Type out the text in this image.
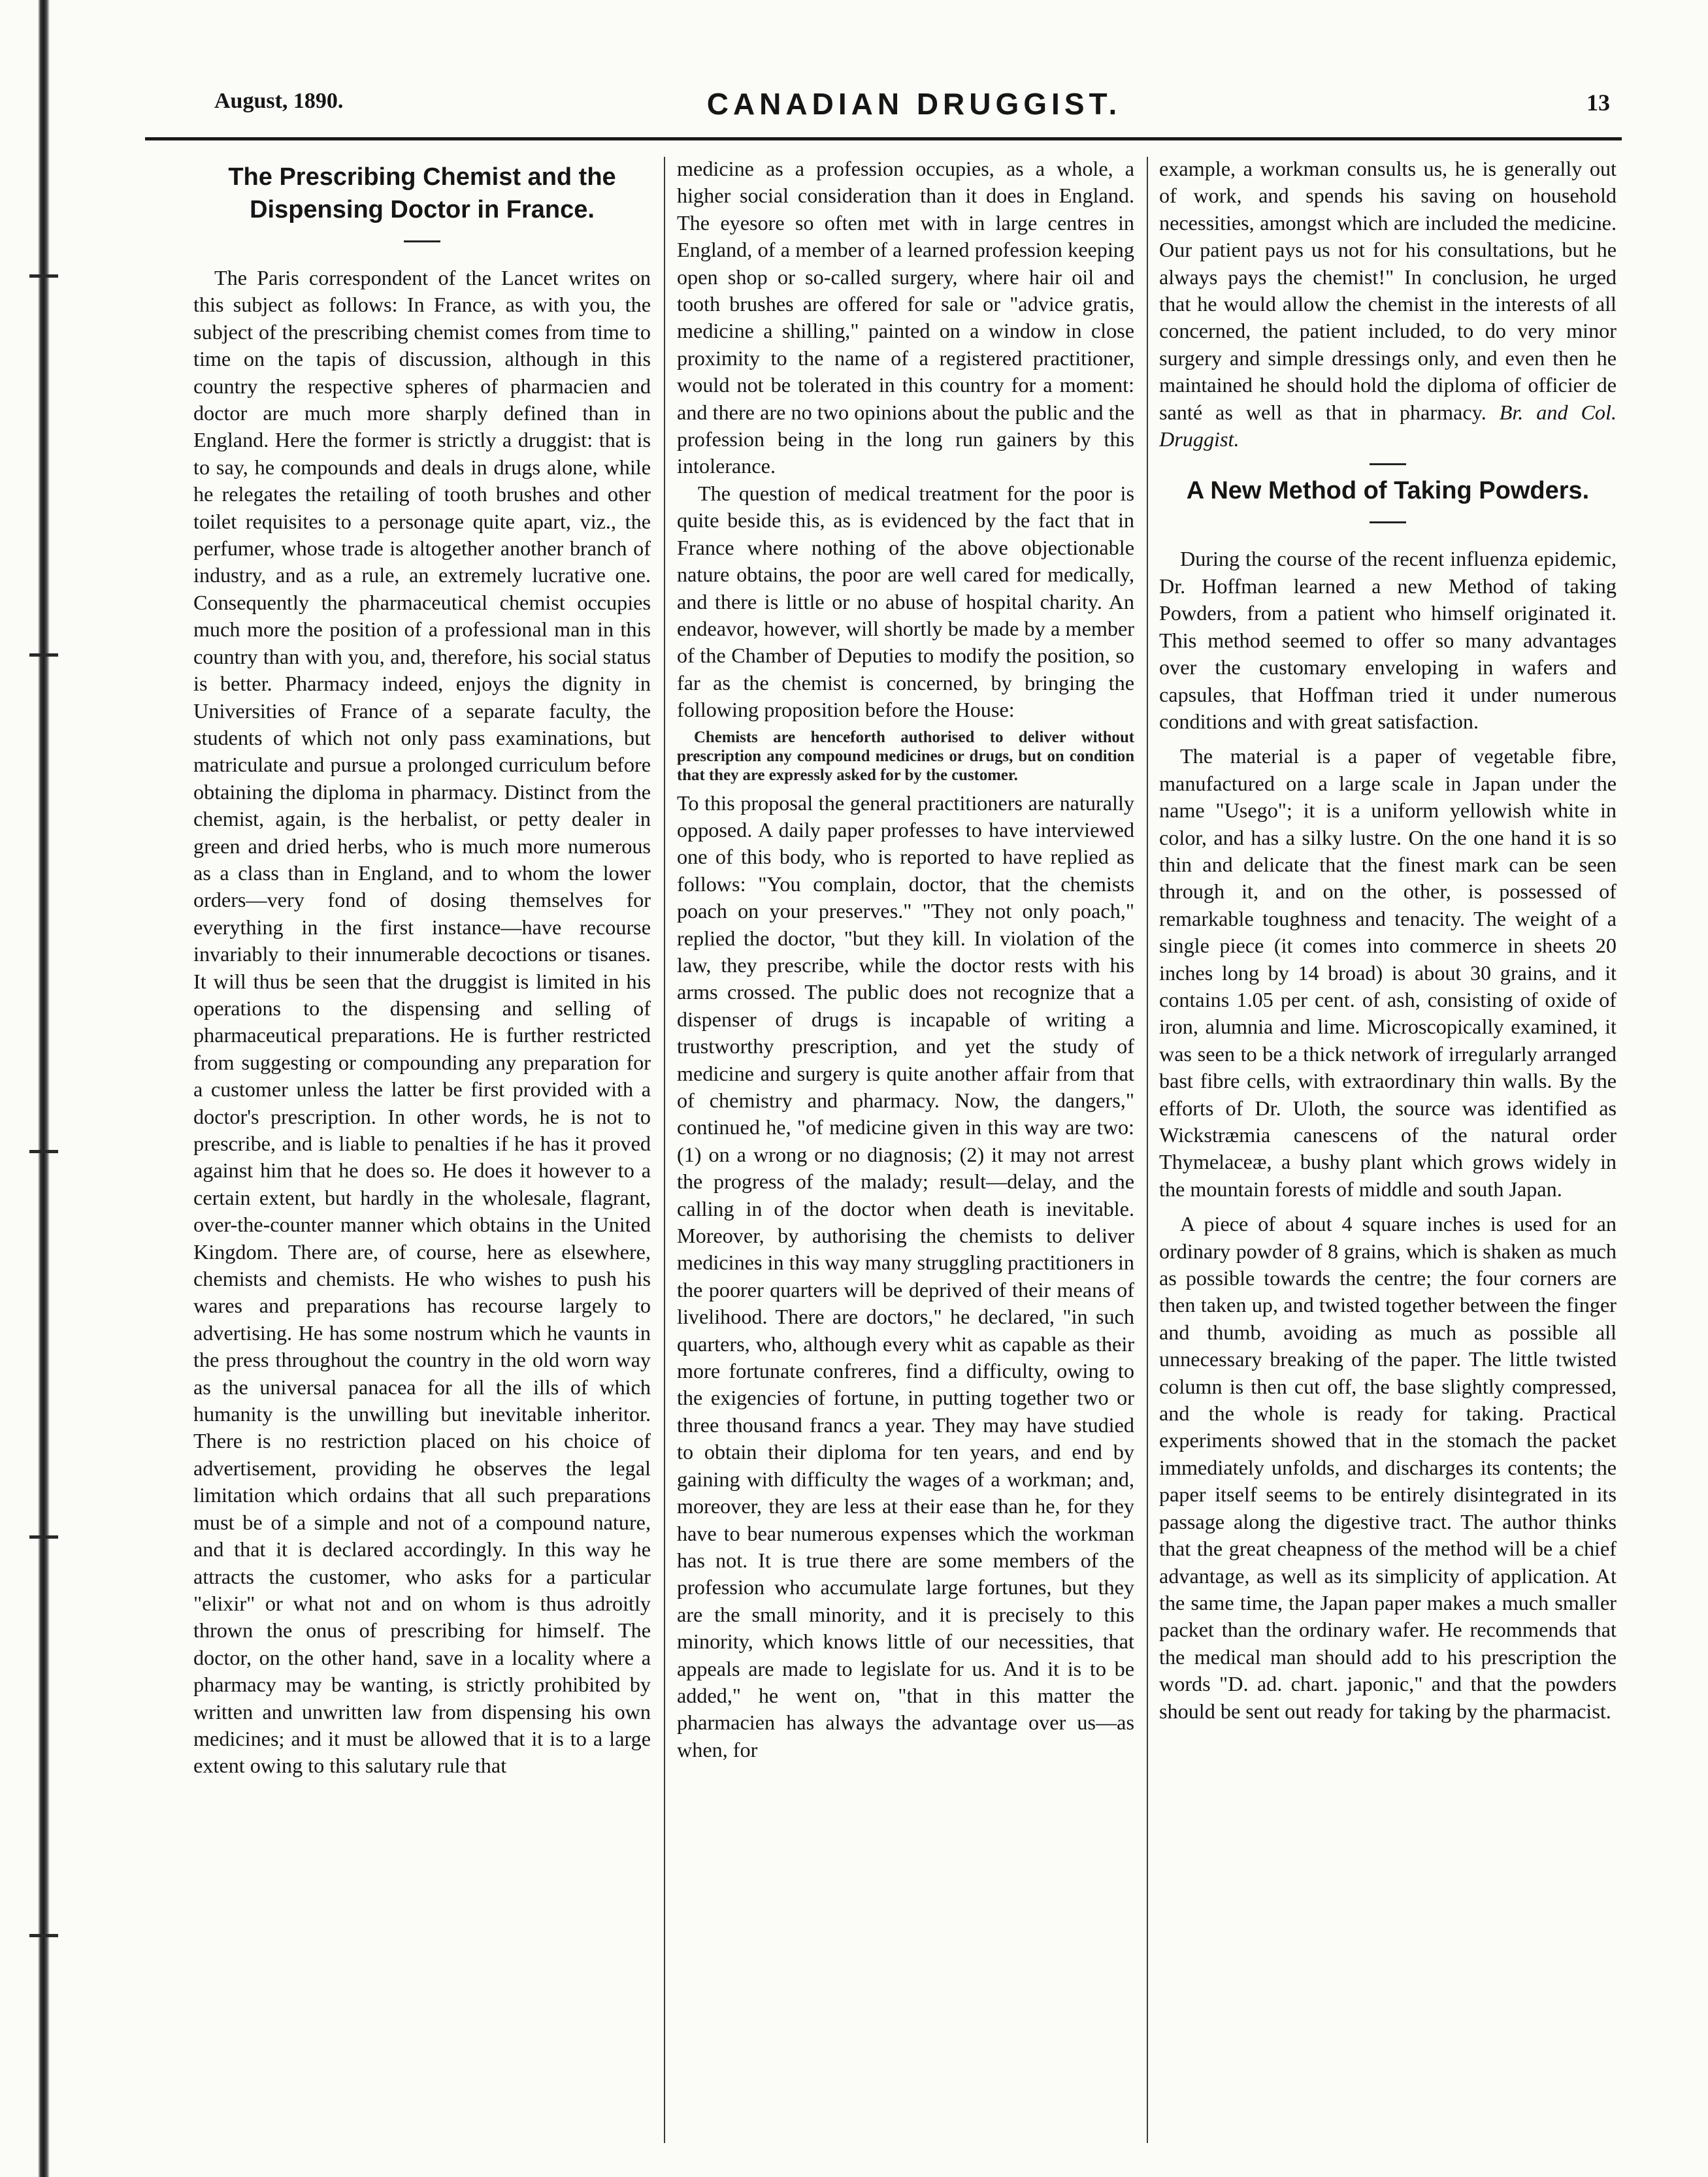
August, 1890.	CANADIAN DRUGGIST.	13
The Prescribing Chemist and the Dispensing Doctor in France.

The Paris correspondent of the Lancet writes on this subject as follows: In France, as with you, the subject of the prescribing chemist comes from time to time on the tapis of discussion, although in this country the respective spheres of pharmacien and doctor are much more sharply defined than in England. Here the former is strictly a druggist: that is to say, he compounds and deals in drugs alone, while he relegates the retailing of tooth brushes and other toilet requisites to a personage quite apart, viz., the perfumer, whose trade is altogether another branch of industry, and as a rule, an extremely lucrative one. Consequently the pharmaceutical chemist occupies much more the position of a professional man in this country than with you, and, therefore, his social status is better. Pharmacy indeed, enjoys the dignity in Universities of France of a separate faculty, the students of which not only pass examinations, but matriculate and pursue a prolonged curriculum before obtaining the diploma in pharmacy. Distinct from the chemist, again, is the herbalist, or petty dealer in green and dried herbs, who is much more numerous as a class than in England, and to whom the lower orders—very fond of dosing themselves for everything in the first instance—have recourse invariably to their innumerable decoctions or tisanes. It will thus be seen that the druggist is limited in his operations to the dispensing and selling of pharmaceutical preparations. He is further restricted from suggesting or compounding any preparation for a customer unless the latter be first provided with a doctor's prescription. In other words, he is not to prescribe, and is liable to penalties if he has it proved against him that he does so. He does it however to a certain extent, but hardly in the wholesale, flagrant, over-the-counter manner which obtains in the United Kingdom. There are, of course, here as elsewhere, chemists and chemists. He who wishes to push his wares and preparations has recourse largely to advertising. He has some nostrum which he vaunts in the press throughout the country in the old worn way as the universal panacea for all the ills of which humanity is the unwilling but inevitable inheritor. There is no restriction placed on his choice of advertisement, providing he observes the legal limitation which ordains that all such preparations must be of a simple and not of a compound nature, and that it is declared accordingly. In this way he attracts the customer, who asks for a particular "elixir" or what not and on whom is thus adroitly thrown the onus of prescribing for himself. The doctor, on the other hand, save in a locality where a pharmacy may be wanting, is strictly prohibited by written and unwritten law from dispensing his own medicines; and it must be allowed that it is to a large extent owing to this salutary rule that

medicine as a profession occupies, as a whole, a higher social consideration than it does in England. The eyesore so often met with in large centres in England, of a member of a learned profession keeping open shop or so-called surgery, where hair oil and tooth brushes are offered for sale or "advice gratis, medicine a shilling," painted on a window in close proximity to the name of a registered practitioner, would not be tolerated in this country for a moment: and there are no two opinions about the public and the profession being in the long run gainers by this intolerance.

The question of medical treatment for the poor is quite beside this, as is evidenced by the fact that in France where nothing of the above objectionable nature obtains, the poor are well cared for medically, and there is little or no abuse of hospital charity. An endeavor, however, will shortly be made by a member of the Chamber of Deputies to modify the position, so far as the chemist is concerned, by bringing the following proposition before the House:

Chemists are henceforth authorised to deliver without prescription any compound medicines or drugs, but on condition that they are expressly asked for by the customer.

To this proposal the general practitioners are naturally opposed. A daily paper professes to have interviewed one of this body, who is reported to have replied as follows: "You complain, doctor, that the chemists poach on your preserves." "They not only poach," replied the doctor, "but they kill. In violation of the law, they prescribe, while the doctor rests with his arms crossed. The public does not recognize that a dispenser of drugs is incapable of writing a trustworthy prescription, and yet the study of medicine and surgery is quite another affair from that of chemistry and pharmacy. Now, the dangers," continued he, "of medicine given in this way are two: (1) on a wrong or no diagnosis; (2) it may not arrest the progress of the malady; result—delay, and the calling in of the doctor when death is inevitable. Moreover, by authorising the chemists to deliver medicines in this way many struggling practitioners in the poorer quarters will be deprived of their means of livelihood. There are doctors," he declared, "in such quarters, who, although every whit as capable as their more fortunate confreres, find a difficulty, owing to the exigencies of fortune, in putting together two or three thousand francs a year. They may have studied to obtain their diploma for ten years, and end by gaining with difficulty the wages of a workman; and, moreover, they are less at their ease than he, for they have to bear numerous expenses which the workman has not. It is true there are some members of the profession who accumulate large fortunes, but they are the small minority, and it is precisely to this minority, which knows little of our necessities, that appeals are made to legislate for us. And it is to be added," he went on, "that in this matter the pharmacien has always the advantage over us—as when, for

example, a workman consults us, he is generally out of work, and spends his saving on household necessities, amongst which are included the medicine. Our patient pays us not for his consultations, but he always pays the chemist!" In conclusion, he urged that he would allow the chemist in the interests of all concerned, the patient included, to do very minor surgery and simple dressings only, and even then he maintained he should hold the diploma of officier de santé as well as that in pharmacy. Br. and Col. Druggist.

A New Method of Taking Powders.

During the course of the recent influenza epidemic, Dr. Hoffman learned a new Method of taking Powders, from a patient who himself originated it. This method seemed to offer so many advantages over the customary enveloping in wafers and capsules, that Hoffman tried it under numerous conditions and with great satisfaction.

The material is a paper of vegetable fibre, manufactured on a large scale in Japan under the name "Usego"; it is a uniform yellowish white in color, and has a silky lustre. On the one hand it is so thin and delicate that the finest mark can be seen through it, and on the other, is possessed of remarkable toughness and tenacity. The weight of a single piece (it comes into commerce in sheets 20 inches long by 14 broad) is about 30 grains, and it contains 1.05 per cent. of ash, consisting of oxide of iron, alumnia and lime. Microscopically examined, it was seen to be a thick network of irregularly arranged bast fibre cells, with extraordinary thin walls. By the efforts of Dr. Uloth, the source was identified as Wickstræmia canescens of the natural order Thymelaceæ, a bushy plant which grows widely in the mountain forests of middle and south Japan.

A piece of about 4 square inches is used for an ordinary powder of 8 grains, which is shaken as much as possible towards the centre; the four corners are then taken up, and twisted together between the finger and thumb, avoiding as much as possible all unnecessary breaking of the paper. The little twisted column is then cut off, the base slightly compressed, and the whole is ready for taking. Practical experiments showed that in the stomach the packet immediately unfolds, and discharges its contents; the paper itself seems to be entirely disintegrated in its passage along the digestive tract. The author thinks that the great cheapness of the method will be a chief advantage, as well as its simplicity of application. At the same time, the Japan paper makes a much smaller packet than the ordinary wafer. He recommends that the medical man should add to his prescription the words "D. ad. chart. japonic," and that the powders should be sent out ready for taking by the pharmacist.
